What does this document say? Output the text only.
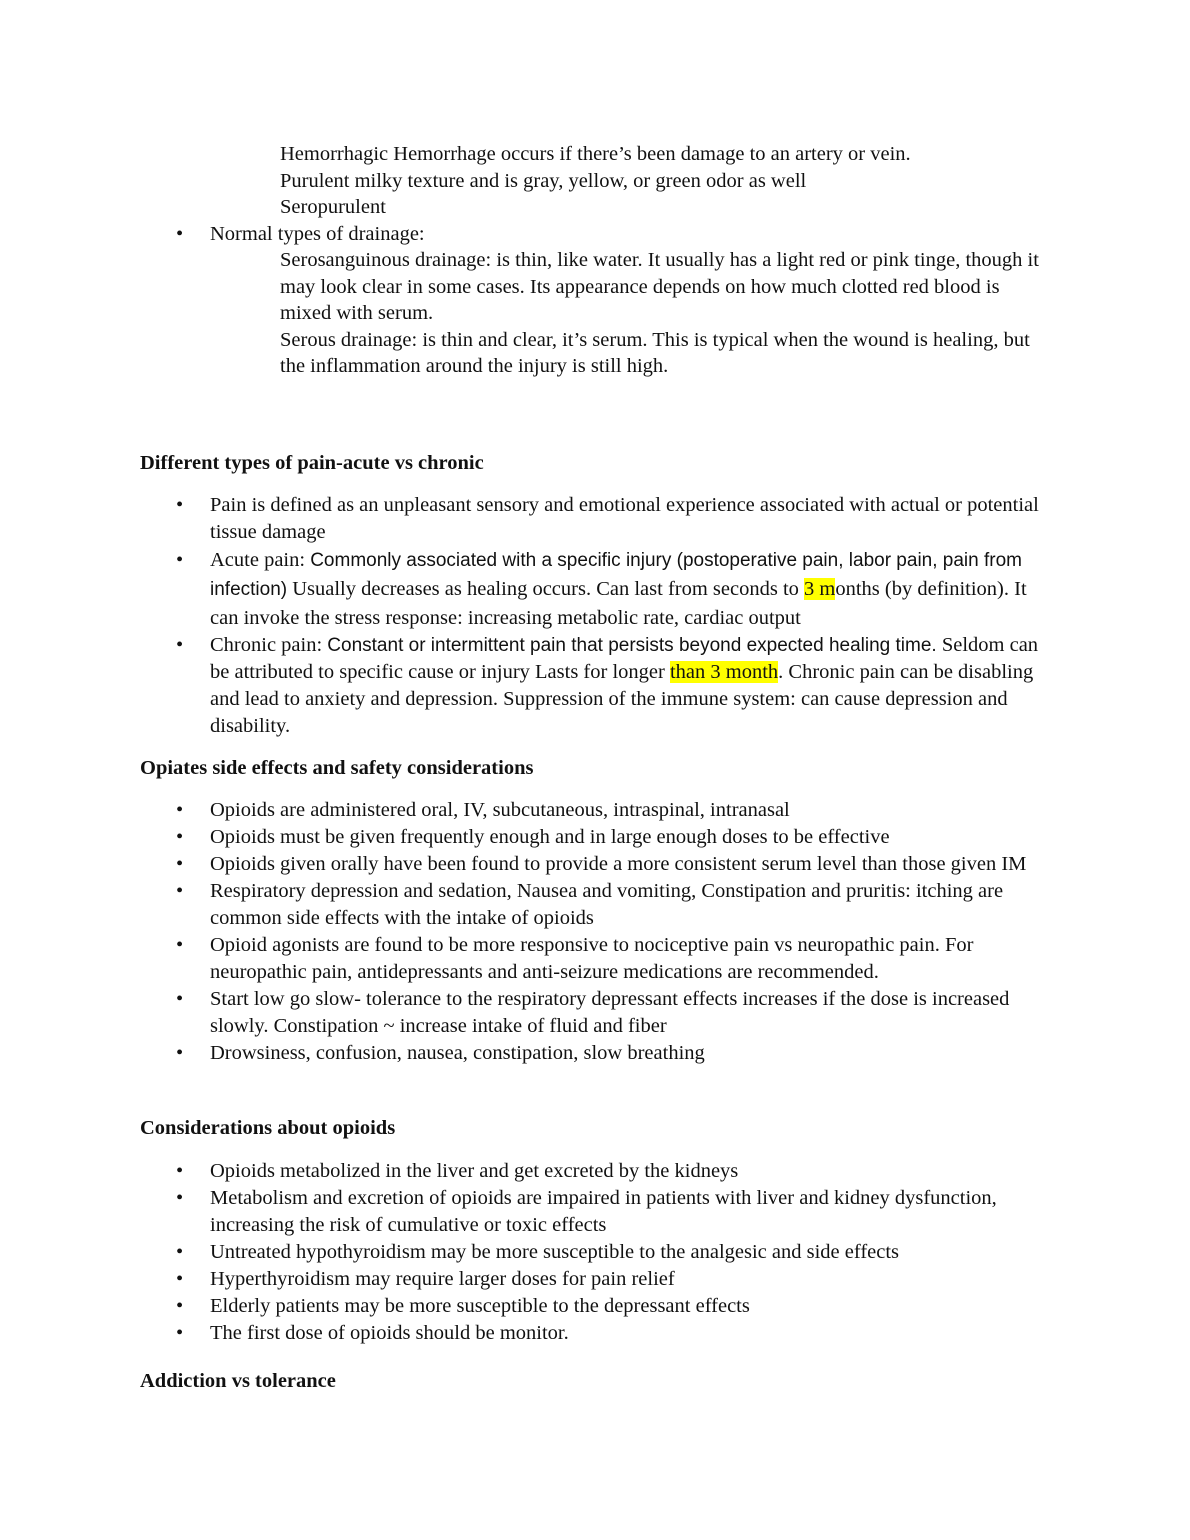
Hemorrhagic Hemorrhage occurs if there’s been damage to an artery or vein.
Purulent milky texture and is gray, yellow, or green odor as well
Seropurulent
• Normal types of drainage:
Serosanguinous drainage: is thin, like water. It usually has a light red or pink tinge, though it may look clear in some cases. Its appearance depends on how much clotted red blood is mixed with serum.
Serous drainage: is thin and clear, it’s serum. This is typical when the wound is healing, but the inflammation around the injury is still high.
Different types of pain-acute vs chronic
• Pain is defined as an unpleasant sensory and emotional experience associated with actual or potential tissue damage
• Acute pain: Commonly associated with a specific injury (postoperative pain, labor pain, pain from infection) Usually decreases as healing occurs. Can last from seconds to 3 months (by definition). It can invoke the stress response: increasing metabolic rate, cardiac output
• Chronic pain: Constant or intermittent pain that persists beyond expected healing time. Seldom can be attributed to specific cause or injury Lasts for longer than 3 month. Chronic pain can be disabling and lead to anxiety and depression. Suppression of the immune system: can cause depression and disability.
Opiates side effects and safety considerations
• Opioids are administered oral, IV, subcutaneous, intraspinal, intranasal
• Opioids must be given frequently enough and in large enough doses to be effective
• Opioids given orally have been found to provide a more consistent serum level than those given IM
• Respiratory depression and sedation, Nausea and vomiting, Constipation and pruritis: itching are common side effects with the intake of opioids
• Opioid agonists are found to be more responsive to nociceptive pain vs neuropathic pain. For neuropathic pain, antidepressants and anti-seizure medications are recommended.
• Start low go slow- tolerance to the respiratory depressant effects increases if the dose is increased slowly. Constipation ~ increase intake of fluid and fiber
• Drowsiness, confusion, nausea, constipation, slow breathing
Considerations about opioids
• Opioids metabolized in the liver and get excreted by the kidneys
• Metabolism and excretion of opioids are impaired in patients with liver and kidney dysfunction, increasing the risk of cumulative or toxic effects
• Untreated hypothyroidism may be more susceptible to the analgesic and side effects
• Hyperthyroidism may require larger doses for pain relief
• Elderly patients may be more susceptible to the depressant effects
• The first dose of opioids should be monitor.
Addiction vs tolerance
